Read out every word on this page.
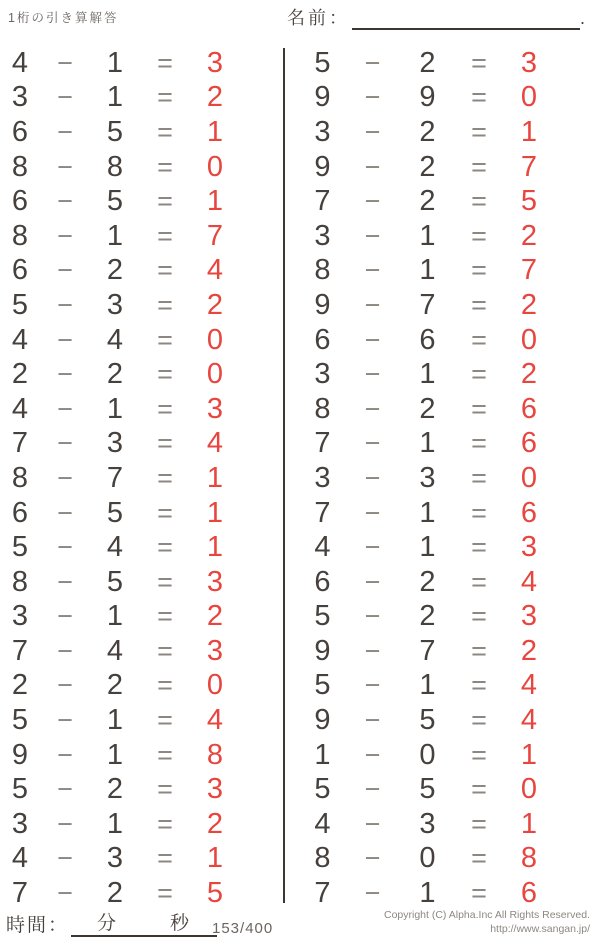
1桁の引き算解答	名前：	.
4	−	1	=	3
3	−	1	=	2
6	−	5	=	1
8	−	8	=	0
6	−	5	=	1
8	−	1	=	7
6	−	2	=	4
5	−	3	=	2
4	−	4	=	0
2	−	2	=	0
4	−	1	=	3
7	−	3	=	4
8	−	7	=	1
6	−	5	=	1
5	−	4	=	1
8	−	5	=	3
3	−	1	=	2
7	−	4	=	3
2	−	2	=	0
5	−	1	=	4
9	−	1	=	8
5	−	2	=	3
3	−	1	=	2
4	−	3	=	1
7	−	2	=	5
5	−	2	=	3
9	−	9	=	0
3	−	2	=	1
9	−	2	=	7
7	−	2	=	5
3	−	1	=	2
8	−	1	=	7
9	−	7	=	2
6	−	6	=	0
3	−	1	=	2
8	−	2	=	6
7	−	1	=	6
3	−	3	=	0
7	−	1	=	6
4	−	1	=	3
6	−	2	=	4
5	−	2	=	3
9	−	7	=	2
5	−	1	=	4
9	−	5	=	4
1	−	0	=	1
5	−	5	=	0
4	−	3	=	1
8	−	0	=	8
7	−	1	=	6
時間： 分	秒 153/400
Copyright (C) Alpha.Inc All Rights Reserved.
http://www.sangan.jp/
